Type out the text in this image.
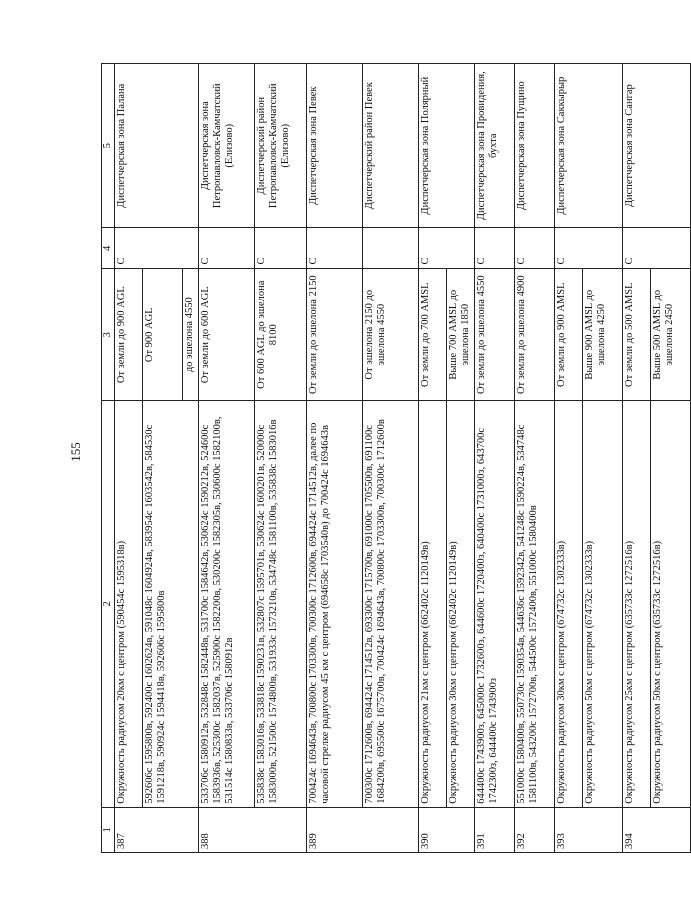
155
1	2	3	4	5
387	Окружность радиусом 20км с центром (590454с 1595318в)	От земли до 900 AGL	С	Диспетчерская зона Палана
	592606с 1595800в, 592400с 1602624в, 591048с 1604924в, 583954с 1603542в, 584530с 1591218в, 590924с 1594418в, 592606с 1595800в	От 900 AGL		
		до эшелона 4550		
388	533706с 1580912в, 532848с 1582448в, 531700с 1584642в, 530624с 1590212в, 524600с 1583936в, 525300с 1582037в, 525900с 1582200в, 530200с 1582305в, 530600с 1582100в, 531514с 1580833в, 533706с 1580912в	От земли до 600 AGL	С	Диспетчерская зона Петропавловск-Камчатский (Елизово)
	535838с 1583016в, 533818с 1590231в, 532807с 1595701в, 530624с 1600201в, 520000с 1583000в, 521500с 1574800в, 531933с 1573210в, 534748с 1581100в, 535838с 1583016в	От 600 AGL до эшелона 8100	С	Диспетчерский район Петропавловск-Камчатский (Елизово)
389	700424с 1694643в, 700800с 1703300в, 700300с 1712600в, 694424с 1714512в, далее по часовой стрелке радиусом 45 км с центром (694658с 1703540в) до 700424с 1694643в	От земли до эшелона 2150	С	Диспетчерская зона Певек
	700300с 1712600в, 694424с 1714512в, 693300с 1715700в, 691000с 1705500в, 691100с 1684200в, 695500с 1675700в, 700424с 1694643в, 700800с 1703300в, 700300с 1712600в	От эшелона 2150 до эшелона 4550		Диспетчерский район Певек
390	Окружность радиусом 21км с центром (662402с 1120149в)	От земли до 700 AMSL	С	Диспетчерская зона Полярный
	Окружность радиусом 30км с центром (662402с 1120149в)	Выше 700 AMSL до эшелона 1850		
391	644400с 1743900з, 645000с 1732600з, 644600с 1720400з, 640400с 1731000з, 643700с 1742300з, 644400с 1743900з	От земли до эшелона 4550	С	Диспетчерская зона Провидения, бухта
392	551000с 1580400в, 550730с 1590354в, 544636с 1592342в, 541248с 1590224в, 534748с 1581100в, 543200с 1572700в, 544500с 1572400в, 551000с 1580400в	От земли до эшелона 4900	С	Диспетчерская зона Пущино
393	Окружность радиусом 30км с центром (674732с 1302333в)	От земли до 900 AMSL	С	Диспетчерская зона Саккырыр
	Окружность радиусом 50км с центром (674732с 1302333в)	Выше 900 AMSL до эшелона 4250		
394	Окружность радиусом 25км с центром (635733с 1272516в)	От земли до 500 AMSL	С	Диспетчерская зона Сангар
	Окружность радиусом 50км с центром (635733с 1272516в)	Выше 500 AMSL до эшелона 2450		
